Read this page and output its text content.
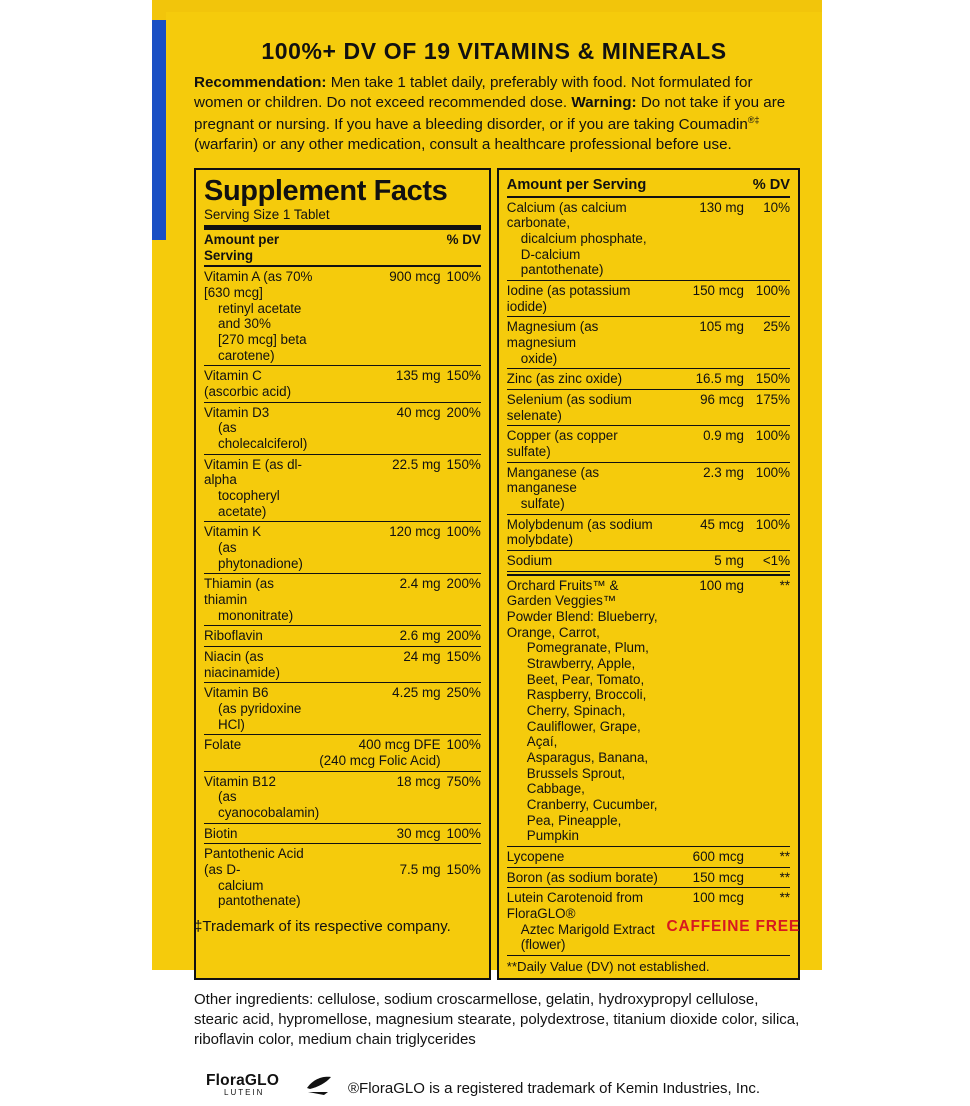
100%+ DV OF 19 VITAMINS & MINERALS
Recommendation: Men take 1 tablet daily, preferably with food. Not formulated for women or children. Do not exceed recommended dose. Warning: Do not take if you are pregnant or nursing. If you have a bleeding disorder, or if you are taking Coumadin®‡ (warfarin) or any other medication, consult a healthcare professional before use.
Supplement Facts
Serving Size 1 Tablet
Amount per Serving		% DV
Vitamin A (as 70% [630 mcg]
retinyl acetate and 30%
[270 mcg] beta carotene)	900 mcg	100%
Vitamin C (ascorbic acid)	135 mg	150%
Vitamin D3
(as cholecalciferol)	40 mcg	200%
Vitamin E (as dl-alpha
tocopheryl acetate)	22.5 mg	150%
Vitamin K
(as phytonadione)	120 mcg	100%
Thiamin (as thiamin
mononitrate)	2.4 mg	200%
Riboflavin	2.6 mg	200%
Niacin (as niacinamide)	24 mg	150%
Vitamin B6
(as pyridoxine HCl)	4.25 mg	250%
Folate	400 mcg DFE
(240 mcg Folic Acid)	100%
Vitamin B12
(as cyanocobalamin)	18 mcg	750%
Biotin	30 mcg	100%
Pantothenic Acid (as D-
calcium pantothenate)	7.5 mg	150%
Amount per Serving		% DV
Calcium (as calcium carbonate,
dicalcium phosphate,
D-calcium pantothenate)	130 mg	10%
Iodine (as potassium iodide)	150 mcg	100%
Magnesium (as magnesium
oxide)	105 mg	25%
Zinc (as zinc oxide)	16.5 mg	150%
Selenium (as sodium selenate)	96 mcg	175%
Copper (as copper sulfate)	0.9 mg	100%
Manganese (as manganese
sulfate)	2.3 mg	100%
Molybdenum (as sodium molybdate)	45 mcg	100%
Sodium	5 mg	<1%
Orchard Fruits™ & Garden Veggies™ Powder Blend: Blueberry, Orange, Carrot,
Pomegranate, Plum, Strawberry, Apple,
Beet, Pear, Tomato, Raspberry, Broccoli,
Cherry, Spinach, Cauliflower, Grape, Açaí,
Asparagus, Banana, Brussels Sprout, Cabbage,
Cranberry, Cucumber, Pea, Pineapple, Pumpkin
	100 mg	**
Lycopene	600 mcg	**
Boron (as sodium borate)	150 mcg	**
Lutein Carotenoid from FloraGLO®
Aztec Marigold Extract (flower)	100 mcg	**
**Daily Value (DV) not established.
Other ingredients: cellulose, sodium croscarmellose, gelatin, hydroxypropyl cellulose, stearic acid, hypromellose, magnesium stearate, polydextrose, titanium dioxide color, silica, riboflavin color, medium chain triglycerides
FloraGLO
LUTEIN	®FloraGLO is a registered trademark of Kemin Industries, Inc.
‡Trademark of its respective company.	CAFFEINE FREE
